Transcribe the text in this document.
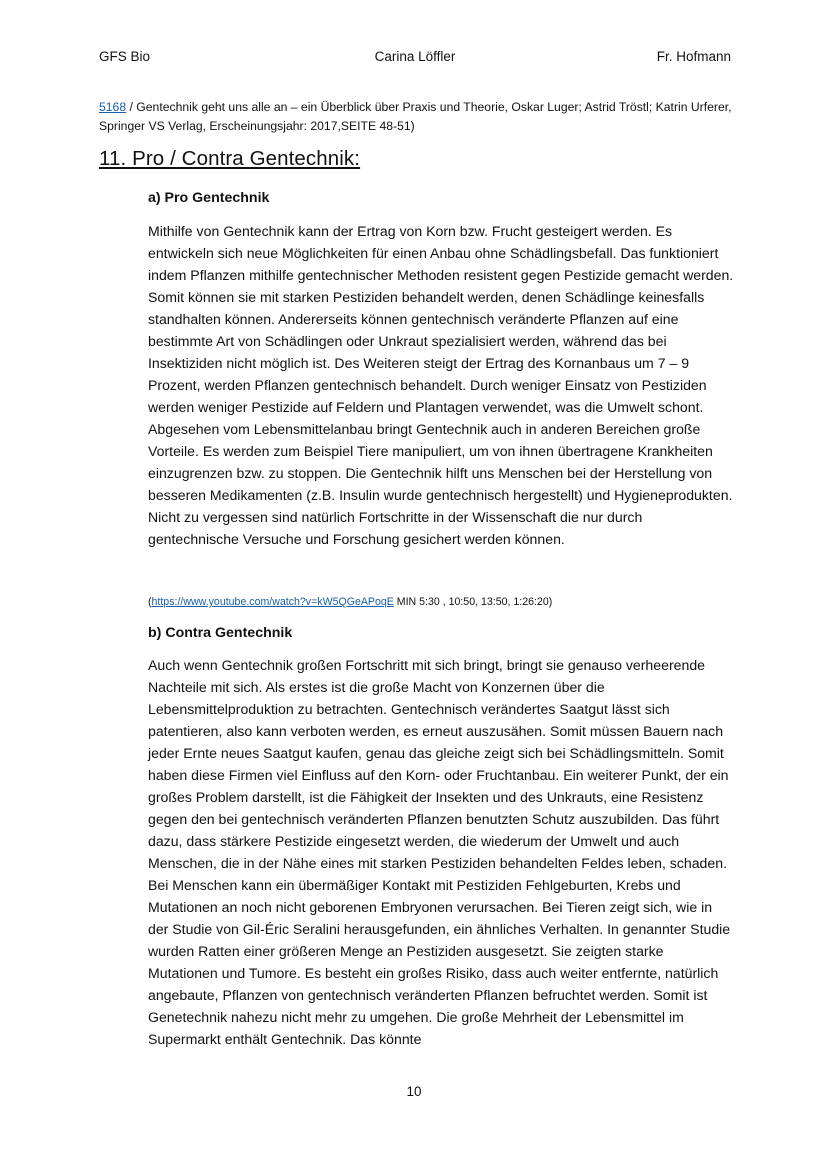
GFS Bio	Carina Löffler	Fr. Hofmann
5168 / Gentechnik geht uns alle an – ein Überblick über Praxis und Theorie, Oskar Luger; Astrid Tröstl; Katrin Urferer, Springer VS Verlag, Erscheinungsjahr: 2017,SEITE 48-51)
11. Pro / Contra Gentechnik:
a) Pro Gentechnik

Mithilfe von Gentechnik kann der Ertrag von Korn bzw. Frucht gesteigert werden. Es entwickeln sich neue Möglichkeiten für einen Anbau ohne Schädlingsbefall. Das funktioniert indem Pflanzen mithilfe gentechnischer Methoden resistent gegen Pestizide gemacht werden. Somit können sie mit starken Pestiziden behandelt werden, denen Schädlinge keinesfalls standhalten können. Andererseits können gentechnisch veränderte Pflanzen auf eine bestimmte Art von Schädlingen oder Unkraut spezialisiert werden, während das bei Insektiziden nicht möglich ist. Des Weiteren steigt der Ertrag des Kornanbaus um 7 – 9 Prozent, werden Pflanzen gentechnisch behandelt. Durch weniger Einsatz von Pestiziden werden weniger Pestizide auf Feldern und Plantagen verwendet, was die Umwelt schont. Abgesehen vom Lebensmittelanbau bringt Gentechnik auch in anderen Bereichen große Vorteile. Es werden zum Beispiel Tiere manipuliert, um von ihnen übertragene Krankheiten einzugrenzen bzw. zu stoppen. Die Gentechnik hilft uns Menschen bei der Herstellung von besseren Medikamenten (z.B. Insulin wurde gentechnisch hergestellt) und Hygieneprodukten. Nicht zu vergessen sind natürlich Fortschritte in der Wissenschaft die nur durch gentechnische Versuche und Forschung gesichert werden können.

(https://www.youtube.com/watch?v=kW5QGeAPoqE MIN 5:30 , 10:50, 13:50, 1:26:20)
b) Contra Gentechnik

Auch wenn Gentechnik großen Fortschritt mit sich bringt, bringt sie genauso verheerende Nachteile mit sich. Als erstes ist die große Macht von Konzernen über die Lebensmittelproduktion zu betrachten. Gentechnisch verändertes Saatgut lässt sich patentieren, also kann verboten werden, es erneut auszusähen. Somit müssen Bauern nach jeder Ernte neues Saatgut kaufen, genau das gleiche zeigt sich bei Schädlingsmitteln. Somit haben diese Firmen viel Einfluss auf den Korn- oder Fruchtanbau. Ein weiterer Punkt, der ein großes Problem darstellt, ist die Fähigkeit der Insekten und des Unkrauts, eine Resistenz gegen den bei gentechnisch veränderten Pflanzen benutzten Schutz auszubilden. Das führt dazu, dass stärkere Pestizide eingesetzt werden, die wiederum der Umwelt und auch Menschen, die in der Nähe eines mit starken Pestiziden behandelten Feldes leben, schaden. Bei Menschen kann ein übermäßiger Kontakt mit Pestiziden Fehlgeburten, Krebs und Mutationen an noch nicht geborenen Embryonen verursachen. Bei Tieren zeigt sich, wie in der Studie von Gil-Éric Seralini herausgefunden, ein ähnliches Verhalten. In genannter Studie wurden Ratten einer größeren Menge an Pestiziden ausgesetzt. Sie zeigten starke Mutationen und Tumore. Es besteht ein großes Risiko, dass auch weiter entfernte, natürlich angebaute, Pflanzen von gentechnisch veränderten Pflanzen befruchtet werden. Somit ist Genetechnik nahezu nicht mehr zu umgehen. Die große Mehrheit der Lebensmittel im Supermarkt enthält Gentechnik. Das könnte

10
